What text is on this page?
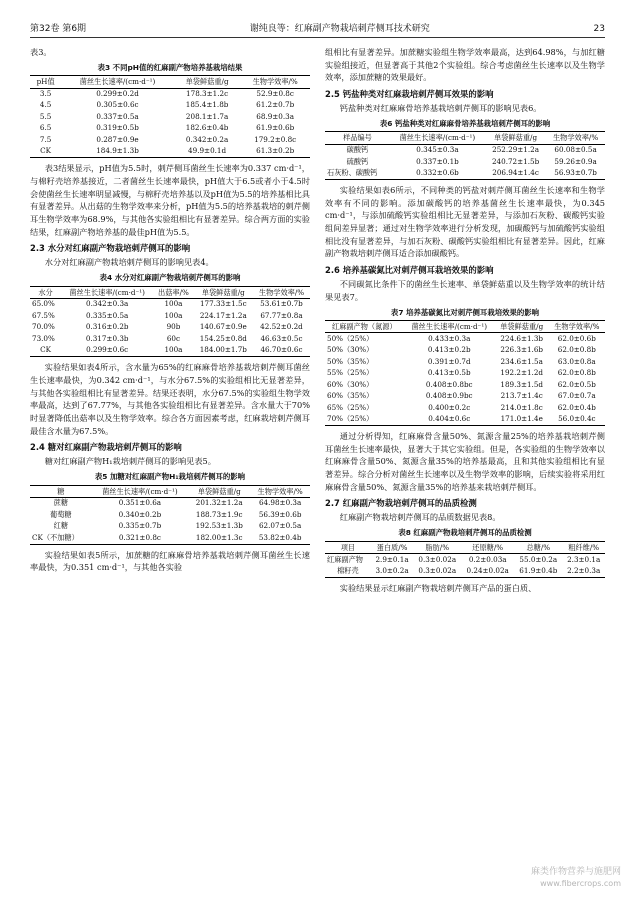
第32卷 第6期	谢纯良等：红麻副产物栽培刺芹侧耳技术研究	23

表3。

表3 不同pH值的红麻副产物培养基栽培结果
pH值	菌丝生长速率/(cm·d⁻¹)	单袋鲜菇重/g	生物学效率/%
3.5	0.299±0.2d	178.3±1.2c	52.9±0.8c
4.5	0.305±0.6c	185.4±1.8b	61.2±0.7b
5.5	0.337±0.5a	208.1±1.7a	68.9±0.3a
6.5	0.319±0.5b	182.6±0.4b	61.9±0.6b
7.5	0.287±0.9e	0.342±0.2a	179.2±0.8c
CK	184.9±1.3b	49.9±0.1d	61.3±0.2b

表3结果显示，pH值为5.5时，刺芹侧耳菌丝生长速率为0.337 cm·d⁻¹，与棉籽壳培养基接近，二者菌丝生长速率最快，pH值大于6.5或者小于4.5时会使菌丝生长速率明显减慢，与棉籽壳培养基以及pH值为5.5的培养基相比具有显著差异。从出菇的生物学效率来分析，pH值为5.5的培养基栽培的刺芹侧耳生物学效率为68.9%，与其他各实验组相比有显著差异。综合两方面的实验结果，红麻副产物培养基的最佳pH值为5.5。

2.3 水分对红麻副产物栽培刺芹侧耳的影响

水分对红麻副产物栽培刺芹侧耳的影响见表4。

表4 水分对红麻副产物栽培刺芹侧耳的影响
水分	菌丝生长速率/(cm·d⁻¹)	出菇率/%	单袋鲜菇重/g	生物学效率/%
65.0%	0.342±0.3a	100a	177.33±1.5c	53.61±0.7b
67.5%	0.335±0.5a	100a	224.17±1.2a	67.77±0.8a
70.0%	0.316±0.2b	90b	140.67±0.9e	42.52±0.2d
73.0%	0.317±0.3b	60c	154.25±0.8d	46.63±0.5c
CK	0.299±0.6c	100a	184.00±1.7b	46.70±0.6c

实验结果如表4所示，含水量为65%的红麻麻骨培养基栽培刺芹侧耳菌丝生长速率最快，为0.342 cm·d⁻¹，与水分67.5%的实验组相比无显著差异，与其他各实验组相比有显著差异。结果还表明，水分67.5%的实验组生物学效率最高，达到了67.77%，与其他各实验组相比有显著差异。含水量大于70%时显著降低出菇率以及生物学效率。综合各方面因素考虑，红麻栽培刺芹侧耳最佳含水量为67.5%。

2.4 糖对红麻副产物栽培刺芹侧耳的影响

糖对红麻副产物H₁栽培刺芹侧耳的影响见表5。

表5 加糖对红麻副产物H₁栽培刺芹侧耳的影响
糖	菌丝生长速率/(cm·d⁻¹)	单袋鲜菇重/g	生物学效率/%
蔗糖	0.351±0.6a	201.32±1.2a	64.98±0.3a
葡萄糖	0.340±0.2b	188.73±1.9c	56.39±0.6b
红糖	0.335±0.7b	192.53±1.3b	62.07±0.5a
CK（不加糖）	0.321±0.8c	182.00±1.3c	53.82±0.4b

实验结果如表5所示，加蔗糖的红麻麻骨培养基栽培刺芹侧耳菌丝生长速率最快，为0.351 cm·d⁻¹，与其他各实验

组相比有显著差异。加蔗糖实验组生物学效率最高，达到64.98%，与加红糖实验组接近，但显著高于其他2个实验组。综合考虑菌丝生长速率以及生物学效率，添加蔗糖的效果最好。

2.5 钙盐种类对红麻栽培刺芹侧耳效果的影响

钙盐种类对红麻麻骨培养基栽培刺芹侧耳的影响见表6。

表6 钙盐种类对红麻麻骨培养基栽培刺芹侧耳的影响
样品编号	菌丝生长速率/(cm·d⁻¹)	单袋鲜菇重/g	生物学效率/%
碳酸钙	0.345±0.3a	252.29±1.2a	60.08±0.5a
硫酸钙	0.337±0.1b	240.72±1.5b	59.26±0.9a
石灰粉、碳酸钙	0.332±0.6b	206.94±1.4c	56.93±0.7b

实验结果如表6所示，不同种类的钙盐对刺芹侧耳菌丝生长速率和生物学效率有不同的影响。添加碳酸钙的培养基菌丝生长速率最快，为0.345 cm·d⁻¹，与添加硫酸钙实验组相比无显著差异，与添加石灰粉、碳酸钙实验组间差异显著；通过对生物学效率进行分析发现，加碳酸钙与加硫酸钙实验组相比没有显著差异，与加石灰粉、碳酸钙实验组相比有显著差异。因此，红麻副产物栽培刺芹侧耳适合添加碳酸钙。

2.6 培养基碳氮比对刺芹侧耳栽培效果的影响

不同碳氮比条件下的菌丝生长速率、单袋鲜菇重以及生物学效率的统计结果见表7。

表7 培养基碳氮比对刺芹侧耳栽培效果的影响
红麻副产物（氮源）	菌丝生长速率/(cm·d⁻¹)	单袋鲜菇重/g	生物学效率/%
50%（25%）	0.433±0.3a	224.6±1.3b	62.0±0.6b
50%（30%）	0.413±0.2b	226.3±1.6b	62.0±0.8b
50%（35%）	0.391±0.7d	234.6±1.5a	63.0±0.8a
55%（25%）	0.413±0.5b	192.2±1.2d	62.0±0.8b
60%（30%）	0.408±0.8bc	189.3±1.5d	62.0±0.5b
60%（35%）	0.408±0.9bc	213.7±1.4c	67.0±0.7a
65%（25%）	0.400±0.2c	214.0±1.8c	62.0±0.4b
70%（25%）	0.404±0.6c	171.0±1.4e	56.0±0.4c

通过分析得知，红麻麻骨含量50%、氮源含量25%的培养基栽培刺芹侧耳菌丝生长速率最快，显著大于其它实验组。但是，各实验组的生物学效率以红麻麻骨含量50%、氮源含量35%的培养基最高，且和其他实验组相比有显著差异。综合分析对菌丝生长速率以及生物学效率的影响，后续实验将采用红麻麻骨含量50%、氮源含量35%的培养基来栽培刺芹侧耳。

2.7 红麻副产物栽培刺芹侧耳的品质检测

红麻副产物栽培刺芹侧耳的品质数据见表8。

表8 红麻副产物栽培刺芹侧耳的品质检测
项目	蛋白质/%	脂肪/%	还原糖/%	总糖/%	粗纤维/%
红麻副产物	2.9±0.1a	0.3±0.02a	0.2±0.03a	55.0±0.2a	2.3±0.1a
棉籽壳	3.0±0.2a	0.3±0.02a	0.24±0.02a	61.9±0.4b	2.2±0.3a

实验结果显示红麻副产物栽培刺芹侧耳产品的蛋白质、

麻类作物营养与施肥网
www.fibercrops.com
